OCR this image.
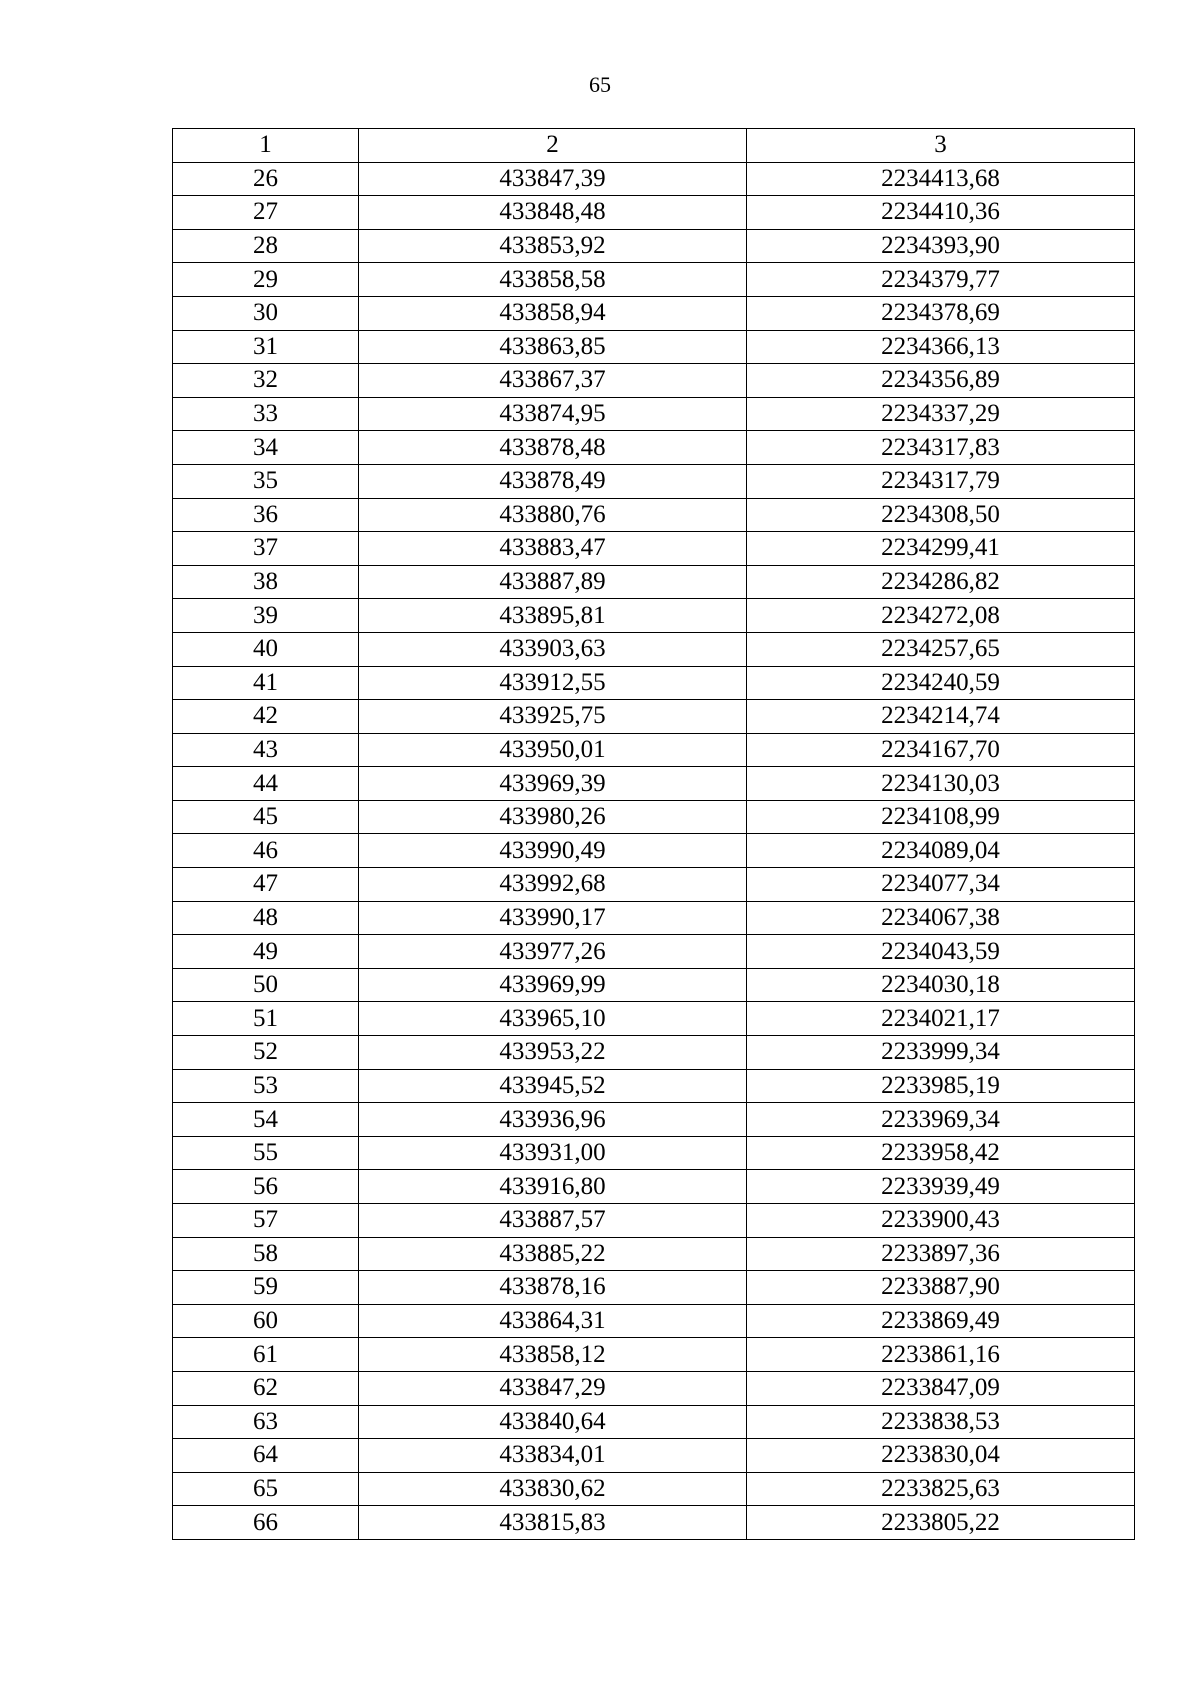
65
1	2	3
26	433847,39	2234413,68
27	433848,48	2234410,36
28	433853,92	2234393,90
29	433858,58	2234379,77
30	433858,94	2234378,69
31	433863,85	2234366,13
32	433867,37	2234356,89
33	433874,95	2234337,29
34	433878,48	2234317,83
35	433878,49	2234317,79
36	433880,76	2234308,50
37	433883,47	2234299,41
38	433887,89	2234286,82
39	433895,81	2234272,08
40	433903,63	2234257,65
41	433912,55	2234240,59
42	433925,75	2234214,74
43	433950,01	2234167,70
44	433969,39	2234130,03
45	433980,26	2234108,99
46	433990,49	2234089,04
47	433992,68	2234077,34
48	433990,17	2234067,38
49	433977,26	2234043,59
50	433969,99	2234030,18
51	433965,10	2234021,17
52	433953,22	2233999,34
53	433945,52	2233985,19
54	433936,96	2233969,34
55	433931,00	2233958,42
56	433916,80	2233939,49
57	433887,57	2233900,43
58	433885,22	2233897,36
59	433878,16	2233887,90
60	433864,31	2233869,49
61	433858,12	2233861,16
62	433847,29	2233847,09
63	433840,64	2233838,53
64	433834,01	2233830,04
65	433830,62	2233825,63
66	433815,83	2233805,22
